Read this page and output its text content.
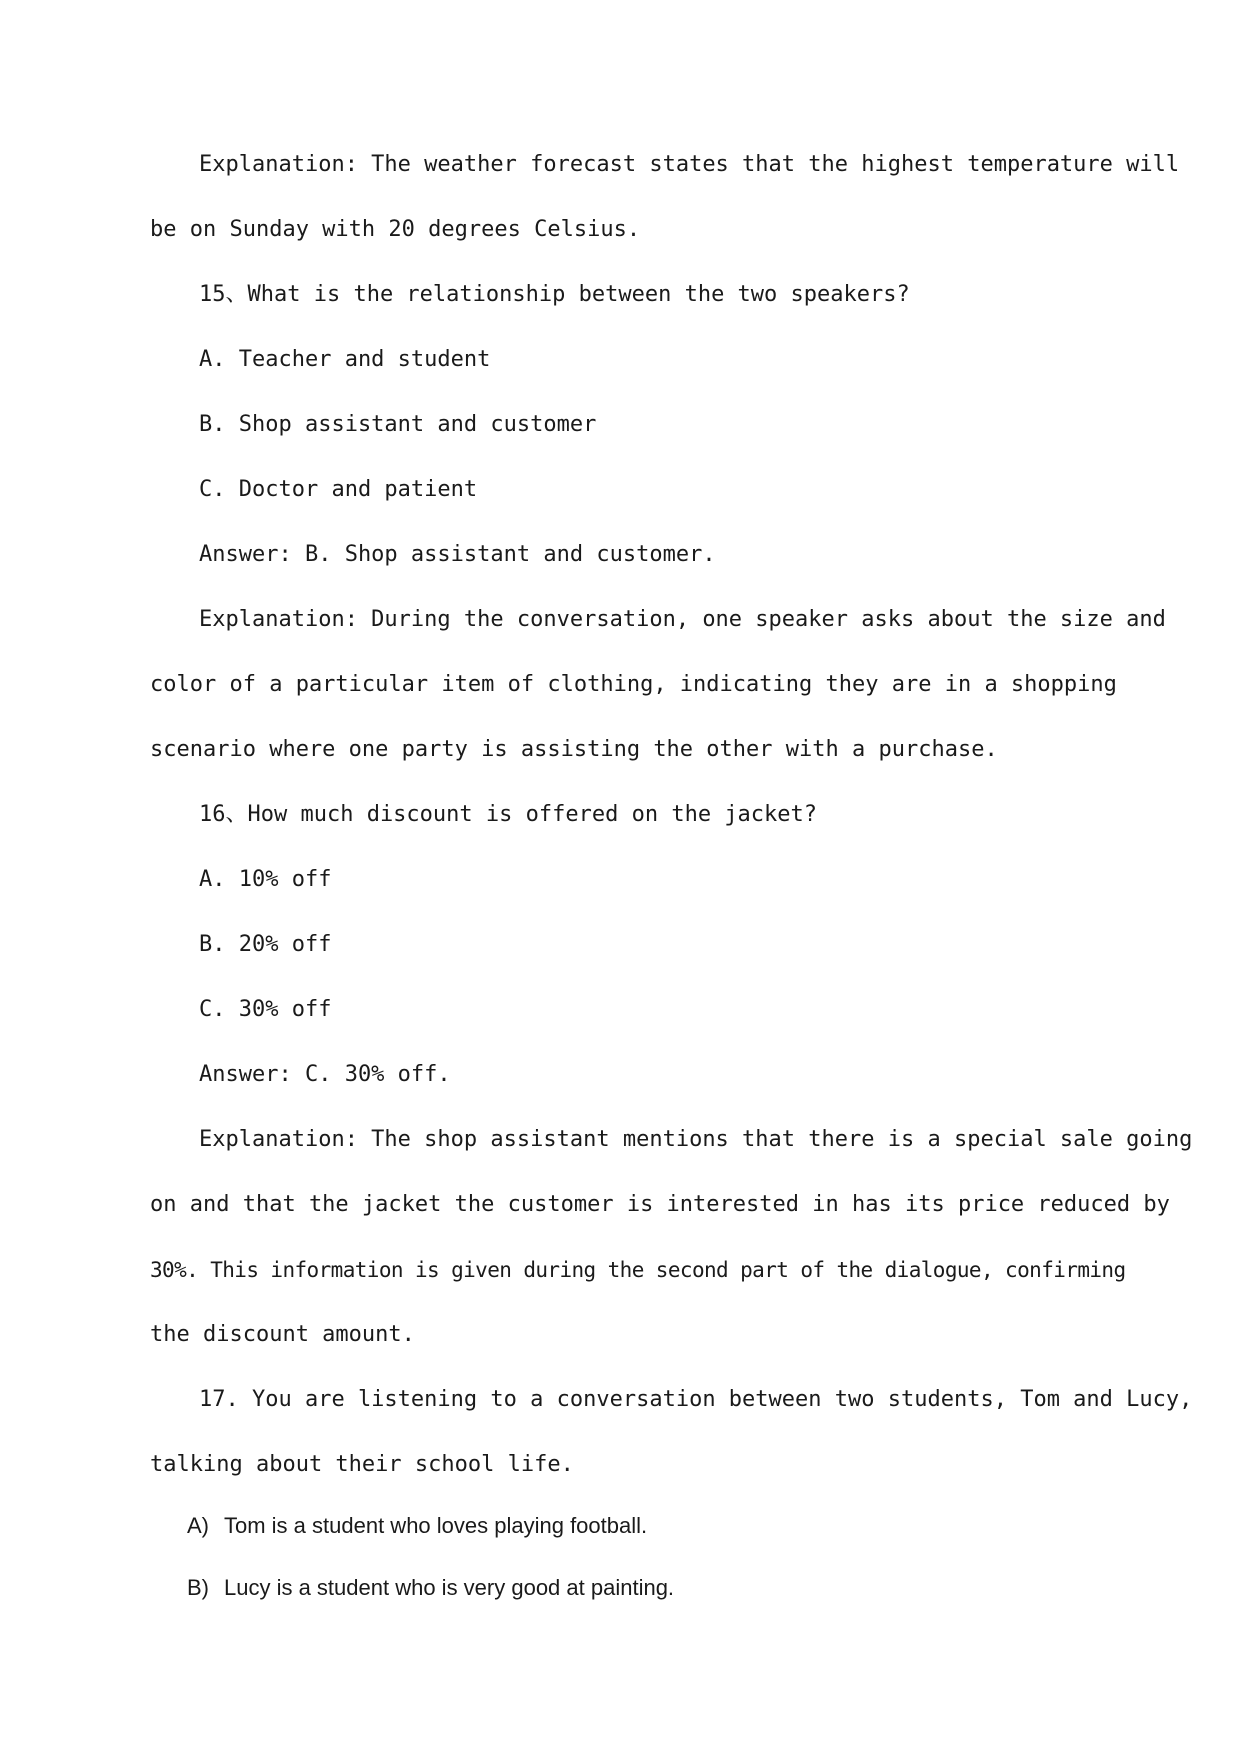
Explanation: The weather forecast states that the highest temperature will
be on Sunday with 20 degrees Celsius.
15、What is the relationship between the two speakers?
A. Teacher and student
B. Shop assistant and customer
C. Doctor and patient
Answer: B. Shop assistant and customer.
Explanation: During the conversation, one speaker asks about the size and
color of a particular item of clothing, indicating they are in a shopping
scenario where one party is assisting the other with a purchase.
16、How much discount is offered on the jacket?
A. 10% off
B. 20% off
C. 30% off
Answer: C. 30% off.
Explanation: The shop assistant mentions that there is a special sale going
on and that the jacket the customer is interested in has its price reduced by
30%. This information is given during the second part of the dialogue, confirming
the discount amount.
17. You are listening to a conversation between two students, Tom and Lucy,
talking about their school life.
A) Tom is a student who loves playing football.
B) Lucy is a student who is very good at painting.
